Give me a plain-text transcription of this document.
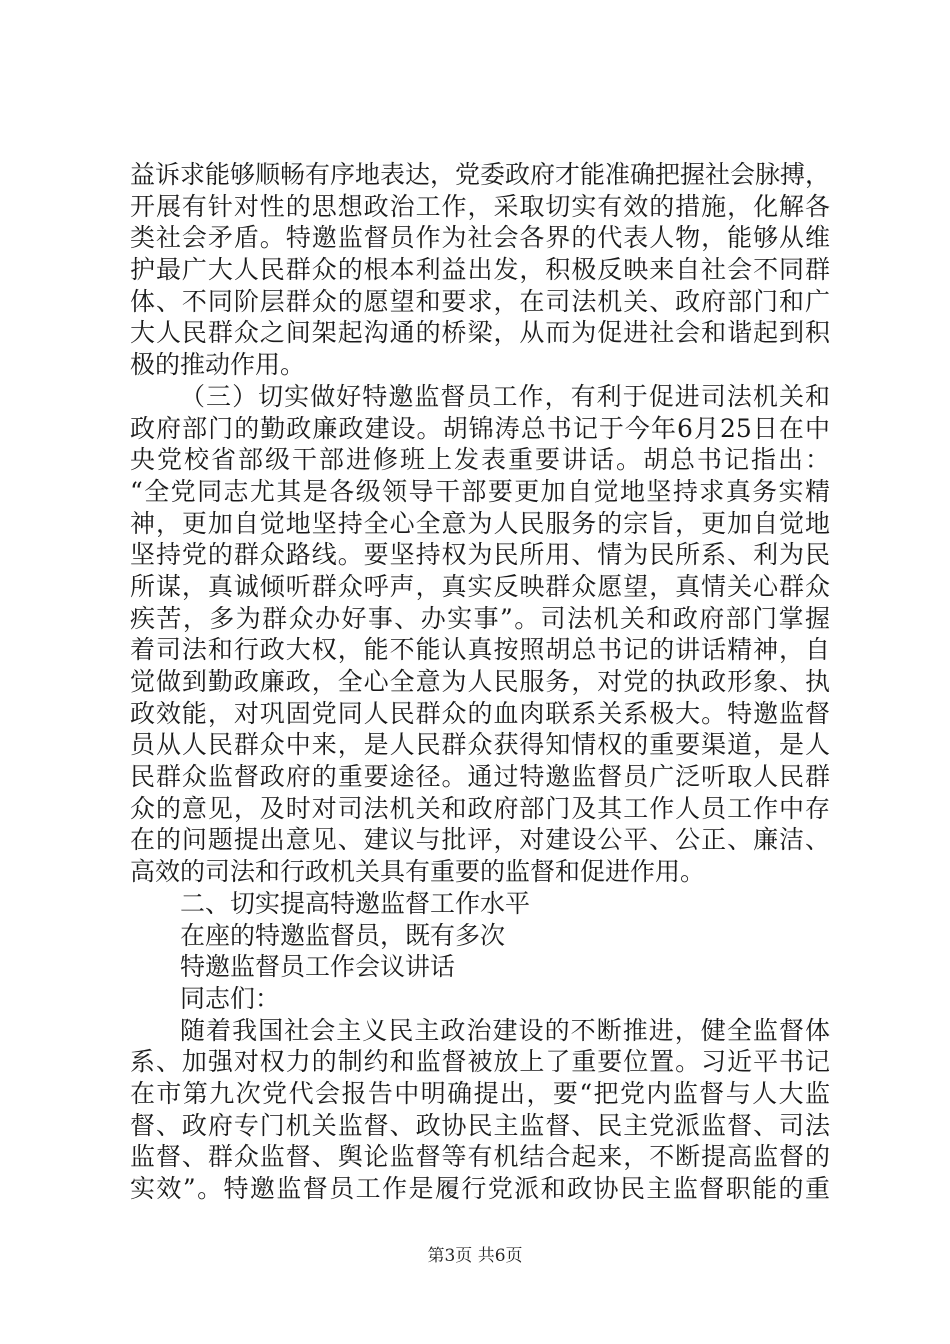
益诉求能够顺畅有序地表达，党委政府才能准确把握社会脉搏，
开展有针对性的思想政治工作，采取切实有效的措施，化解各
类社会矛盾。特邀监督员作为社会各界的代表人物，能够从维
护最广大人民群众的根本利益出发，积极反映来自社会不同群
体、不同阶层群众的愿望和要求，在司法机关、政府部门和广
大人民群众之间架起沟通的桥梁，从而为促进社会和谐起到积
极的推动作用。
（三）切实做好特邀监督员工作，有利于促进司法机关和
政府部门的勤政廉政建设。胡锦涛总书记于今年6月25日在中
央党校省部级干部进修班上发表重要讲话。胡总书记指出：
“全党同志尤其是各级领导干部要更加自觉地坚持求真务实精
神，更加自觉地坚持全心全意为人民服务的宗旨，更加自觉地
坚持党的群众路线。要坚持权为民所用、情为民所系、利为民
所谋，真诚倾听群众呼声，真实反映群众愿望，真情关心群众
疾苦，多为群众办好事、办实事”。司法机关和政府部门掌握
着司法和行政大权，能不能认真按照胡总书记的讲话精神，自
觉做到勤政廉政，全心全意为人民服务，对党的执政形象、执
政效能，对巩固党同人民群众的血肉联系关系极大。特邀监督
员从人民群众中来，是人民群众获得知情权的重要渠道，是人
民群众监督政府的重要途径。通过特邀监督员广泛听取人民群
众的意见，及时对司法机关和政府部门及其工作人员工作中存
在的问题提出意见、建议与批评，对建设公平、公正、廉洁、
高效的司法和行政机关具有重要的监督和促进作用。
二、切实提高特邀监督工作水平
在座的特邀监督员，既有多次
特邀监督员工作会议讲话
同志们：
随着我国社会主义民主政治建设的不断推进，健全监督体
系、加强对权力的制约和监督被放上了重要位置。习近平书记
在市第九次党代会报告中明确提出，要“把党内监督与人大监
督、政府专门机关监督、政协民主监督、民主党派监督、司法
监督、群众监督、舆论监督等有机结合起来，不断提高监督的
实效”。特邀监督员工作是履行党派和政协民主监督职能的重
第3页 共6页
